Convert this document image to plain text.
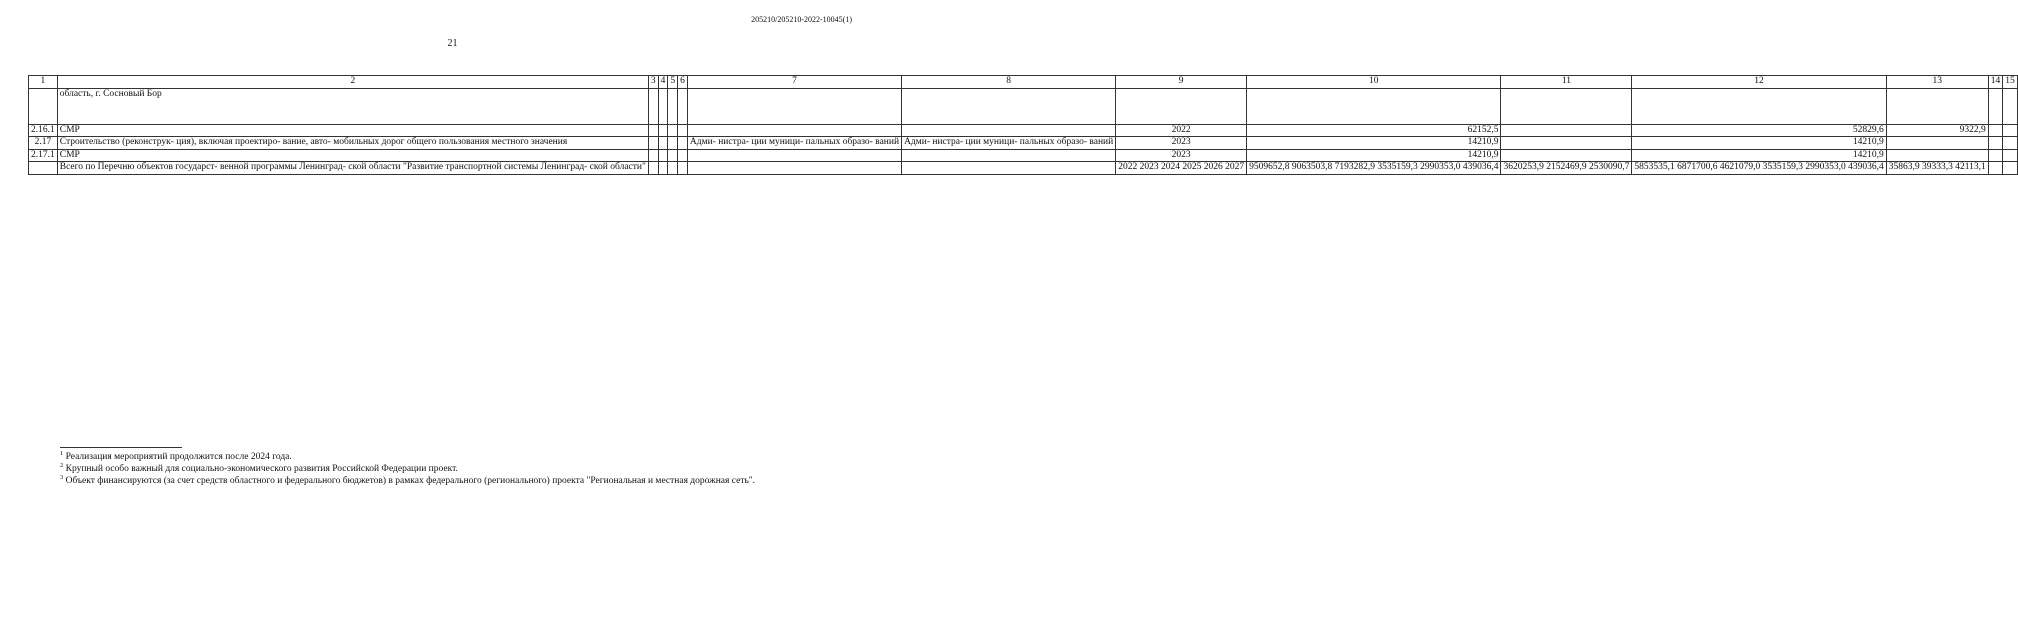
205210/205210-2022-10045(1)
21
1	2	3	4	5	6	7	8	9	10	11	12	13	14	15
	область, г. Сосновый Бор													
2.16.1	СМР							2022	62152,5		52829,6	9322,9		
2.17	Строительство (реконструк- ция), включая проектиро- вание, авто- мобильных дорог общего пользования местного значения					Адми- нистра- ции муници- пальных образо- ваний	Адми- нистра- ции муници- пальных образо- ваний	2023	14210,9		14210,9			
2.17.1	СМР							2023	14210,9		14210,9			
	Всего по Перечню объектов государст- венной программы Ленинград- ской области "Развитие транспортной системы Ленинград- ской области"							2022 2023 2024 2025 2026 2027	9509652,8 9063503,8 7193282,9 3535159,3 2990353,0 439036,4	3620253,9 2152469,9 2530090,7	5853535,1 6871700,6 4621079,0 3535159,3 2990353,0 439036,4	35863,9 39333,3 42113,1		
$^1$ Реализация мероприятий продолжится после 2024 года.
$^2$ Крупный особо важный для социально-экономического развития Российской Федерации проект.
$^3$ Объект финансируются (за счет средств областного и федерального бюджетов) в рамках федерального (регионального) проекта "Региональная и местная дорожная сеть".
